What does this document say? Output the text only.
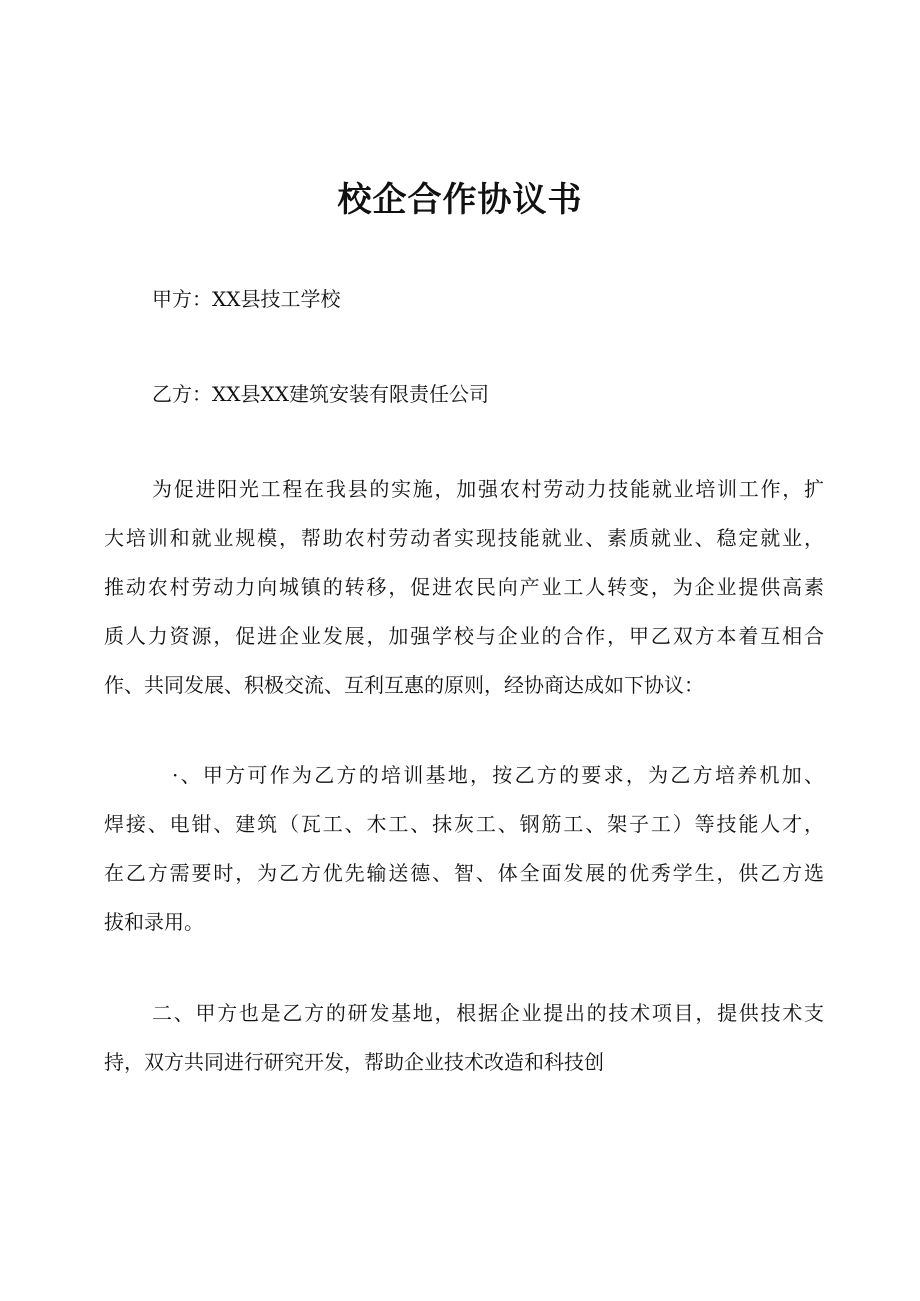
校企合作协议书

甲方：XX县技工学校

乙方：XX县XX建筑安装有限责任公司

为促进阳光工程在我县的实施，加强农村劳动力技能就业培训工作，扩
大培训和就业规模，帮助农村劳动者实现技能就业、素质就业、稳定就业，
推动农村劳动力向城镇的转移，促进农民向产业工人转变，为企业提供高素
质人力资源，促进企业发展，加强学校与企业的合作，甲乙双方本着互相合
作、共同发展、积极交流、互利互惠的原则，经协商达成如下协议：
·、甲方可作为乙方的培训基地，按乙方的要求，为乙方培养机加、
焊接、电钳、建筑（瓦工、木工、抹灰工、钢筋工、架子工）等技能人才，
在乙方需要时，为乙方优先输送德、智、体全面发展的优秀学生，供乙方选
拔和录用。
二、甲方也是乙方的研发基地，根据企业提出的技术项目，提供技术支
持，双方共同进行研究开发，帮助企业技术改造和科技创
